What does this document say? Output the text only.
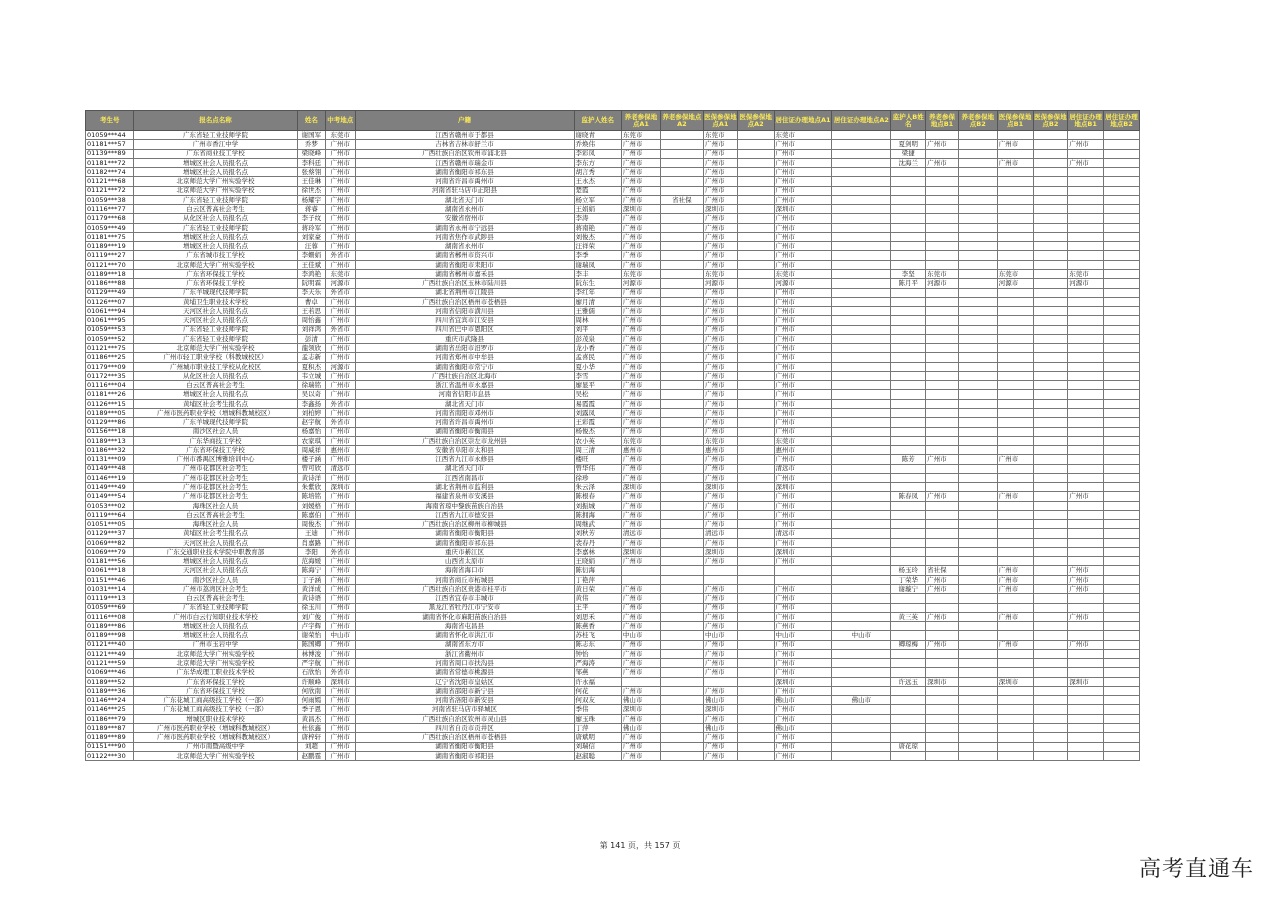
考生号	报名点名称	姓名	中考地点	户籍	监护人姓名	养老参保地点A1	养老参保地点A2	医保参保地点A1	医保参保地点A2	居住证办理地点A1	居住证办理地点A2	监护人B姓名	养老参保地点B1	养老参保地点B2	医保参保地点B1	医保参保地点B2	居住证办理地点B1	居住证办理地点B2
01059***44	广东省轻工业技师学院	谢国军	东莞市	江西省赣州市于都县	谢晓青	东莞市		东莞市		东莞市								
01181***57	广州市香江中学	乔梦	广州市	吉林省吉林市舒兰市	乔焕伟	广州市		广州市		广州市		夏剑明	广州市		广州市		广州市	
01139***89	广东省商业技工学校	梁晓峰	广州市	广西壮族自治区钦州市浦北县	李彩凤	广州市		广州市		广州市		梁捷						
01181***72	增城区社会人员报名点	李科廷	广州市	江西省赣州市瑞金市	李东方	广州市		广州市		广州市		沈海兰	广州市		广州市		广州市	
01182***74	增城区社会人员报名点	张蔡翎	广州市	湖南省衡阳市祁东县	胡言秀	广州市		广州市		广州市								
01121***68	北京师范大学广州实验学校	王佳琳	广州市	河南省许昌市禹州市	王永杰	广州市		广州市		广州市								
01121***72	北京师范大学广州实验学校	徐世杰	广州市	河南省驻马店市正阳县	楚霞	广州市		广州市		广州市								
01059***38	广东省轻工业技师学院	杨耀宇	广州市	湖北省天门市	杨立军	广州市	省社保	广州市		广州市								
01116***77	白云区普高社会考生	蒋睿	广州市	湖南省永州市	王娟娟	深圳市		深圳市		深圳市								
01179***68	从化区社会人员报名点	李子纹	广州市	安徽省宿州市	李涛	广州市		广州市		广州市								
01059***49	广东省轻工业技师学院	蒋玲军	广州市	湖南省永州市宁远县	蒋南艳	广州市		广州市		广州市								
01181***75	增城区社会人员报名点	刘家豪	广州市	河南省焦作市武陟县	刘俊杰	广州市		广州市		广州市								
01189***19	增城区社会人员报名点	汪蓉	广州市	湖南省永州市	汪祥荣	广州市		广州市		广州市								
01119***27	广东省城市技工学校	李姗娟	外省市	湖南省郴州市资兴市	李季	广州市		广州市		广州市								
01121***70	北京师范大学广州实验学校	王佳斌	广州市	湖南省衡阳市耒阳市	谢瑞凤	广州市		广州市		广州市								
01189***18	广东省环保技工学校	李鸿艳	东莞市	湖南省郴州市嘉禾县	李丰	东莞市		东莞市		东莞市		李坚	东莞市		东莞市		东莞市	
01186***88	广东省环保技工学校	阮明霖	河源市	广西壮族自治区玉林市陆川县	阮东生	河源市		河源市		河源市		陈月平	河源市		河源市		河源市	
01129***49	广东羊城现代技师学院	李天乐	外省市	湖北省荆州市江陵县	李红年	广州市		广州市		广州市								
01126***07	黄埔卫生职业技术学校	曹卓	广州市	广西壮族自治区梧州市苍梧县	廖月清	广州市		广州市		广州市								
01061***94	天河区社会人员报名点	王若思	广州市	河南省信阳市潢川县	王雅儒	广州市		广州市		广州市								
01061***95	天河区社会人员报名点	周怡鑫	广州市	四川省宜宾市江安县	周林	广州市		广州市		广州市								
01059***53	广东省轻工业技师学院	刘祥鸿	外省市	四川省巴中市恩阳区	刘平	广州市		广州市		广州市								
01059***52	广东省轻工业技师学院	彭清	广州市	重庆市武隆县	彭茂泉	广州市		广州市		广州市								
01121***75	北京师范大学广州实验学校	龍领欣	广州市	湖南省岳阳市汨罗市	龙小香	广州市		广州市		广州市								
01186***25	广州市轻工职业学校（科教城校区）	孟志新	广州市	河南省郑州市中牟县	孟喜民	广州市		广州市		广州市								
01179***09	广州城市职业技工学校从化校区	夏积杰	河源市	湖南省衡阳市常宁市	夏小华	广州市		广州市		广州市								
01172***35	从化区社会人员报名点	韦立城	广州市	广西壮族自治区北海市	李雪	广州市		广州市		广州市								
01116***04	白云区普高社会考生	徐瑞铭	广州市	浙江省温州市永嘉县	廖显平	广州市		广州市		广州市								
01181***26	增城区社会人员报名点	吴以奇	广州市	河南省信阳市息县	吴松	广州市		广州市		广州市								
01126***15	黄埔区社会考生报名点	李鑫扬	外省市	湖北省天门市	易霞霞	广州市		广州市		广州市								
01189***05	广州市医药职业学校（增城科教城校区）	刘柏婷	广州市	河南省南阳市邓州市	刘露凤	广州市		广州市		广州市								
01129***86	广东羊城现代技师学院	赵宇航	外省市	河南省许昌市禹州市	王彩霞	广州市		广州市		广州市								
01156***18	南沙区社会人员	杨嘉怡	广州市	湖南省衡阳市衡南县	杨俊杰	广州市		广州市		广州市								
01189***13	广东华商技工学校	农家琪	广州市	广西壮族自治区崇左市龙州县	农小英	东莞市		东莞市		东莞市								
01186***32	广东省环保技工学校	周威祥	惠州市	安徽省阜阳市太和县	周三清	惠州市		惠州市		惠州市								
01131***09	广州市番禺区博雅培训中心	楼子涵	广州市	江西省九江市永修县	楼旺	广州市		广州市		广州市		陈芳	广州市		广州市			
01149***48	广州市花都区社会考生	曾可欣	清远市	湖北省天门市	曾华伟	广州市		广州市		清远市								
01146***19	广州市花都区社会考生	黄诗洋	广州市	江西省南昌市	徐珍	广州市		广州市		广州市								
01149***49	广州市花都区社会考生	朱紫欣	深圳市	湖北省荆州市监利县	朱云泽	深圳市		深圳市		深圳市								
01149***54	广州市花都区社会考生	陈培铭	广州市	福建省泉州市安溪县	陈根春	广州市		广州市		广州市		陈春凤	广州市		广州市		广州市	
01053***02	海珠区社会人员	刘媛格	广州市	海南省琼中黎族苗族自治县	刘振城	广州市		广州市		广州市								
01119***64	白云区普高社会考生	陈嘉伯	广州市	江西省九江市德安县	陈拥海	广州市		广州市		广州市								
01051***05	海珠区社会人员	周俊杰	广州市	广西壮族自治区柳州市柳城县	周继武	广州市		广州市		广州市								
01129***37	黄埔区社会考生报名点	王迪	广州市	湖南省衡阳市衡阳县	刘秋芳	清远市		清远市		清远市								
01069***82	天河区社会人员报名点	肖嘉路	广州市	湖南省衡阳市祁东县	裴春丹	广州市		广州市		广州市								
01069***79	广东交通职业技术学院中职教育部	李阳	外省市	重庆市綦江区	李嘉林	深圳市		深圳市		深圳市								
01181***56	增城区社会人员报名点	范海媛	广州市	山西省太原市	王晓娟	广州市		广州市		广州市								
01061***18	天河区社会人员报名点	陈海宁	广州市	海南省海口市	陈衍海							杨玉玲	省社保		广州市		广州市	
01151***46	南沙区社会人员	丁子涵	广州市	河南省商丘市柘城县	丁艳萍							丁荣华	广州市		广州市		广州市	
01031***14	广州市荔湾区社会考生	黄洋成	广州市	广西壮族自治区贵港市桂平市	黄日荣	广州市		广州市		广州市		谢璇宁	广州市		广州市		广州市	
01119***13	白云区普高社会考生	黄诗语	广州市	江西省宜春市丰城市	黄伟	广州市		广州市		广州市								
01059***69	广东省轻工业技师学院	徐玉川	广州市	黑龙江省牡丹江市宁安市	王平	广州市		广州市		广州市								
01116***08	广州市白云行知职业技术学校	刘广俊	广州市	湖南省怀化市麻阳苗族自治县	刘思禾	广州市		广州市		广州市		黄三英	广州市		广州市		广州市	
01189***86	增城区社会人员报名点	卢宇辉	广州市	海南省屯昌县	陈燕香	广州市		广州市		广州市								
01189***98	增城区社会人员报名点	谢荣怡	中山市	湖南省怀化市洪江市	苏桂飞	中山市		中山市		中山市	中山市							
01121***40	广州市玉岩中学	陈国卿	广州市	湖南省东方市	陈志东	广州市		广州市		广州市		卿琼梅	广州市		广州市		广州市	
01121***49	北京师范大学广州实验学校	林博浚	广州市	浙江省衢州市	钟怡	广州市		广州市		广州市								
01121***59	北京师范大学广州实验学校	严宇航	广州市	河南省周口市扶沟县	严海涛	广州市		广州市		广州市								
01069***46	广东华成理工职业技术学校	石欣怡	外省市	湖南省常德市桃源县	邹燕	广州市		广州市		广州市								
01189***52	广东省环保技工学校	许顺峰	深圳市	辽宁省沈阳市皇姑区	许永福					深圳市		许远玉	深圳市		深圳市		深圳市	
01189***36	广东省环保技工学校	何欣南	广州市	湖南省邵阳市新宁县	何花	广州市		广州市		广州市								
01146***24	广东花城工商高级技工学校（一部）	何雨嫣	广州市	河南省洛阳市新安县	何双友	佛山市		佛山市		佛山市	佛山市							
01146***25	广东花城工商高级技工学校（一部）	季子恩	广州市	河南省驻马店市驿城区	季伟	深圳市		深圳市		广州市								
01186***79	增城区职业技术学校	黄昌杰	广州市	广西壮族自治区钦州市灵山县	廖玉珠	广州市		广州市		广州市								
01189***87	广州市医药职业学校（增城科教城校区）	杜依鑫	广州市	四川省自贡市贡井区	丁萍	佛山市		佛山市		佛山市								
01189***89	广州市医药职业学校（增城科教城校区）	唐梓轩	广州市	广西壮族自治区梧州市苍梧县	唐斌明	广州市		广州市		广州市								
01151***90	广州市南暨高级中学	刘超	广州市	湖南省衡阳市衡阳县	刘瑞信	广州市		广州市		广州市		唐花琼						
01122***30	北京师范大学广州实验学校	赵鹏霆	广州市	湖南省衡阳市祁阳县	赵淑聪	广州市		广州市		广州市								
第 141 页，共 157 页
高考直通车
